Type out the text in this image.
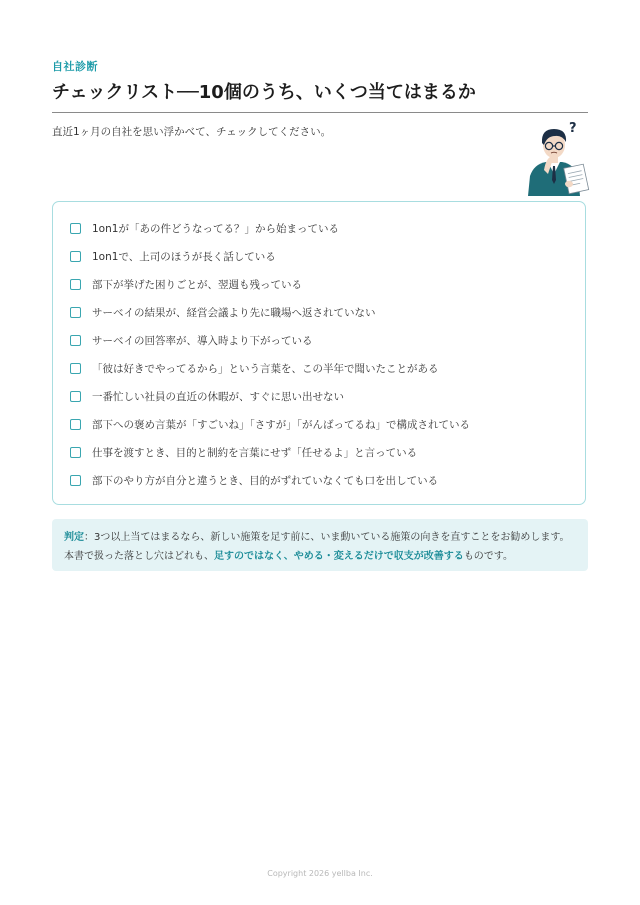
自社診断
チェックリスト──10個のうち、いくつ当てはまるか
直近1ヶ月の自社を思い浮かべて、チェックしてください。	?
1on1が「あの件どうなってる？」から始まっている
1on1で、上司のほうが長く話している
部下が挙げた困りごとが、翌週も残っている
サーベイの結果が、経営会議より先に職場へ返されていない
サーベイの回答率が、導入時より下がっている
「彼は好きでやってるから」という言葉を、この半年で聞いたことがある
一番忙しい社員の直近の休暇が、すぐに思い出せない
部下への褒め言葉が「すごいね」「さすが」「がんばってるね」で構成されている
仕事を渡すとき、目的と制約を言葉にせず「任せるよ」と言っている
部下のやり方が自分と違うとき、目的がずれていなくても口を出している
判定：3つ以上当てはまるなら、新しい施策を足す前に、いま動いている施策の向きを直すことをお勧めします。
本書で扱った落とし穴はどれも、足すのではなく、やめる・変えるだけで収支が改善するものです。
Copyright 2026 yellba Inc.
